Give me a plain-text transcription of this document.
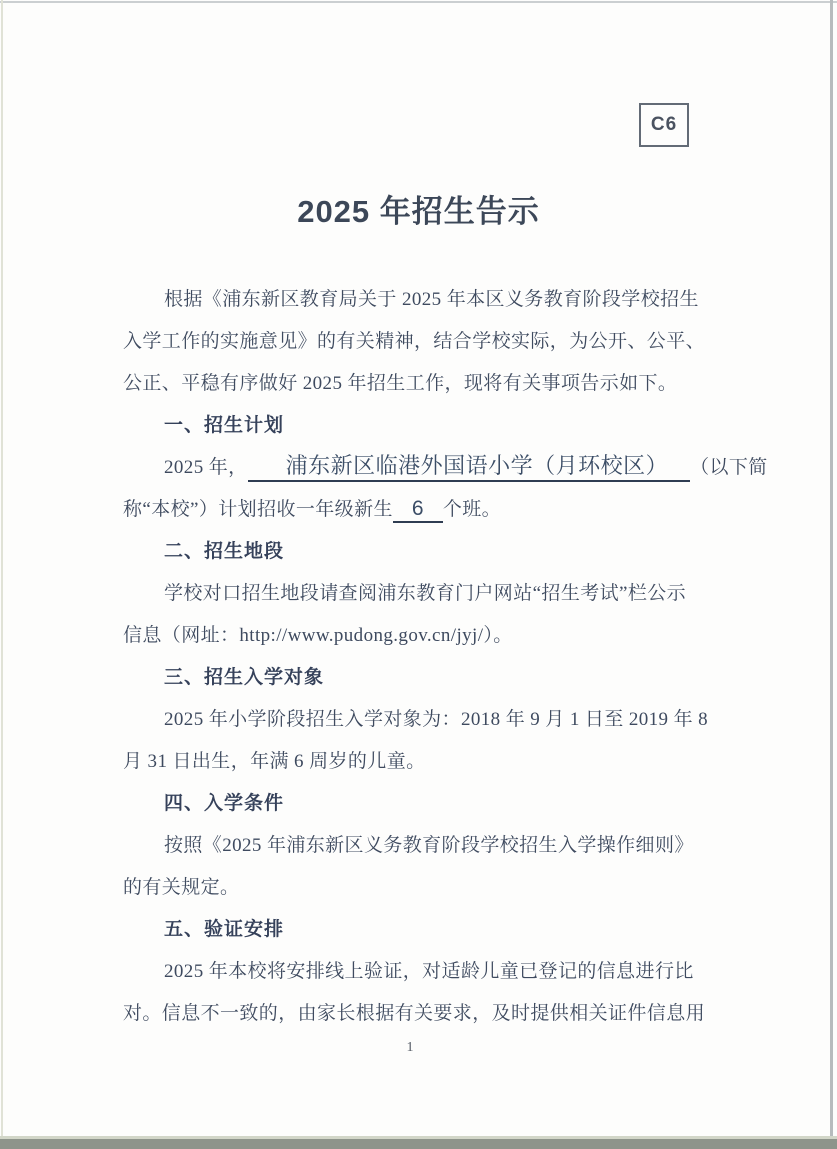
C6
2025 年招生告示

根据《浦东新区教育局关于 2025 年本区义务教育阶段学校招生

入学工作的实施意见》的有关精神，结合学校实际，为公开、公平、

公正、平稳有序做好 2025 年招生工作，现将有关事项告示如下。

一、招生计划

2025 年， 浦东新区临港外国语小学（月环校区） （以下简

称“本校”）计划招收一年级新生 6 个班。

二、招生地段

学校对口招生地段请查阅浦东教育门户网站“招生考试”栏公示

信息（网址：http://www.pudong.gov.cn/jyj/）。

三、招生入学对象

2025 年小学阶段招生入学对象为：2018 年 9 月 1 日至 2019 年 8

月 31 日出生，年满 6 周岁的儿童。

四、入学条件

按照《2025 年浦东新区义务教育阶段学校招生入学操作细则》

的有关规定。

五、验证安排

2025 年本校将安排线上验证，对适龄儿童已登记的信息进行比

对。信息不一致的，由家长根据有关要求，及时提供相关证件信息用

1
